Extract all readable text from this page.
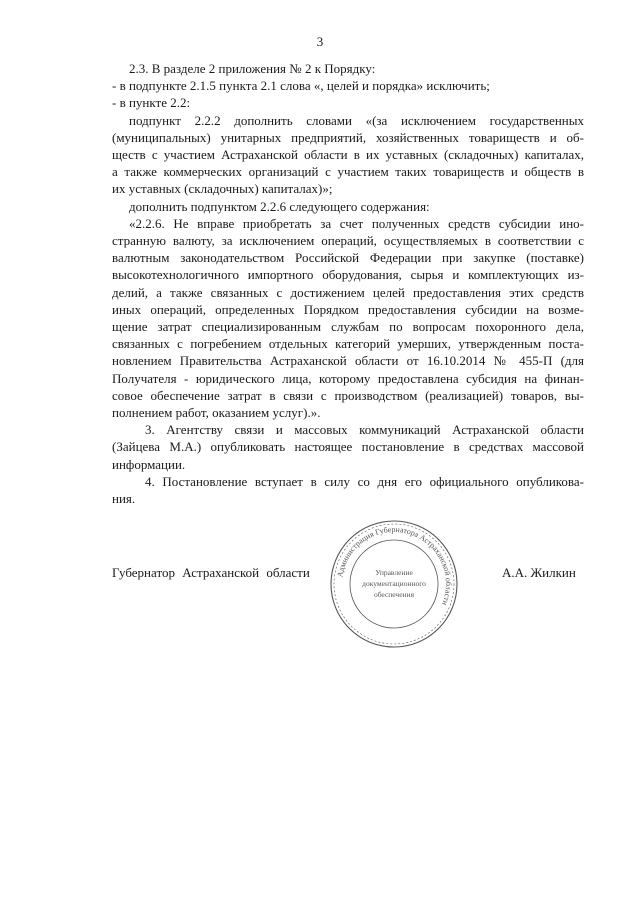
3
2.3. В разделе 2 приложения № 2 к Порядку:
- в подпункте 2.1.5 пункта 2.1 слова «, целей и порядка» исключить;
- в пункте 2.2:
подпункт 2.2.2 дополнить словами «(за исключением государственных
(муниципальных) унитарных предприятий, хозяйственных товариществ и об-
ществ с участием Астраханской области в их уставных (складочных) капиталах,
а также коммерческих организаций с участием таких товариществ и обществ в
их уставных (складочных) капиталах)»;
дополнить подпунктом 2.2.6 следующего содержания:
«2.2.6. Не вправе приобретать за счет полученных средств субсидии ино-
странную валюту, за исключением операций, осуществляемых в соответствии с
валютным законодательством Российской Федерации при закупке (поставке)
высокотехнологичного импортного оборудования, сырья и комплектующих из-
делий, а также связанных с достижением целей предоставления этих средств
иных операций, определенных Порядком предоставления субсидии на возме-
щение затрат специализированным службам по вопросам похоронного дела,
связанных с погребением отдельных категорий умерших, утвержденным поста-
новлением Правительства Астраханской области от 16.10.2014 № 455-П (для
Получателя - юридического лица, которому предоставлена субсидия на финан-
совое обеспечение затрат в связи с производством (реализацией) товаров, вы-
полнением работ, оказанием услуг).».
3. Агентству связи и массовых коммуникаций Астраханской области
(Зайцева М.А.) опубликовать настоящее постановление в средствах массовой
информации.
4. Постановление вступает в силу со дня его официального опубликова-
ния.
Губернатор Астраханской области	А.А. Жилкин
Администрация Губернатора Астраханской области
Управление
документационного
обеспечения
